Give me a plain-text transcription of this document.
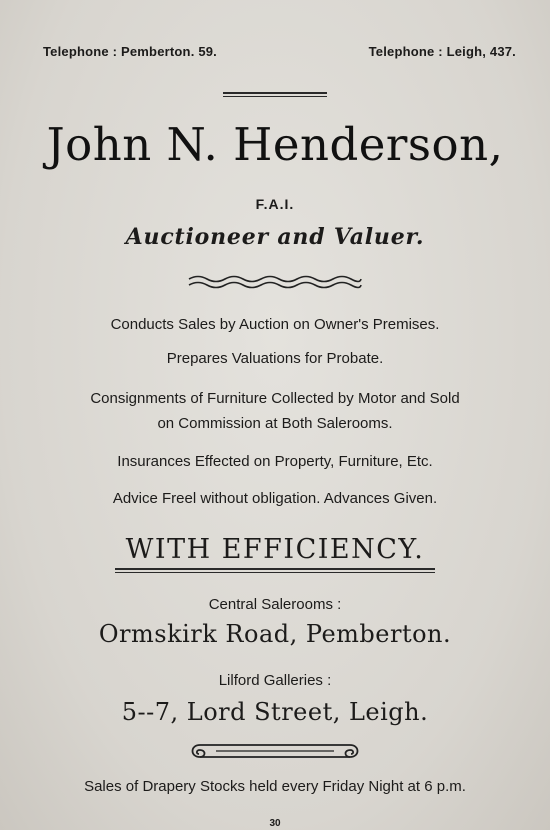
Telephone : Pemberton. 59.	Telephone : Leigh, 437.
John N. Henderson,
F.A.I.
Auctioneer and Valuer.
Conducts Sales by Auction on Owner's Premises.
Prepares Valuations for Probate.
Consignments of Furniture Collected by Motor and Sold
on Commission at Both Salerooms.
Insurances Effected on Property, Furniture, Etc.
Advice Freel without obligation. Advances Given.
WITH EFFICIENCY.
Central Salerooms :
Ormskirk Road, Pemberton.
Lilford Galleries :
5--7, Lord Street, Leigh.
Sales of Drapery Stocks held every Friday Night at 6 p.m.
30
